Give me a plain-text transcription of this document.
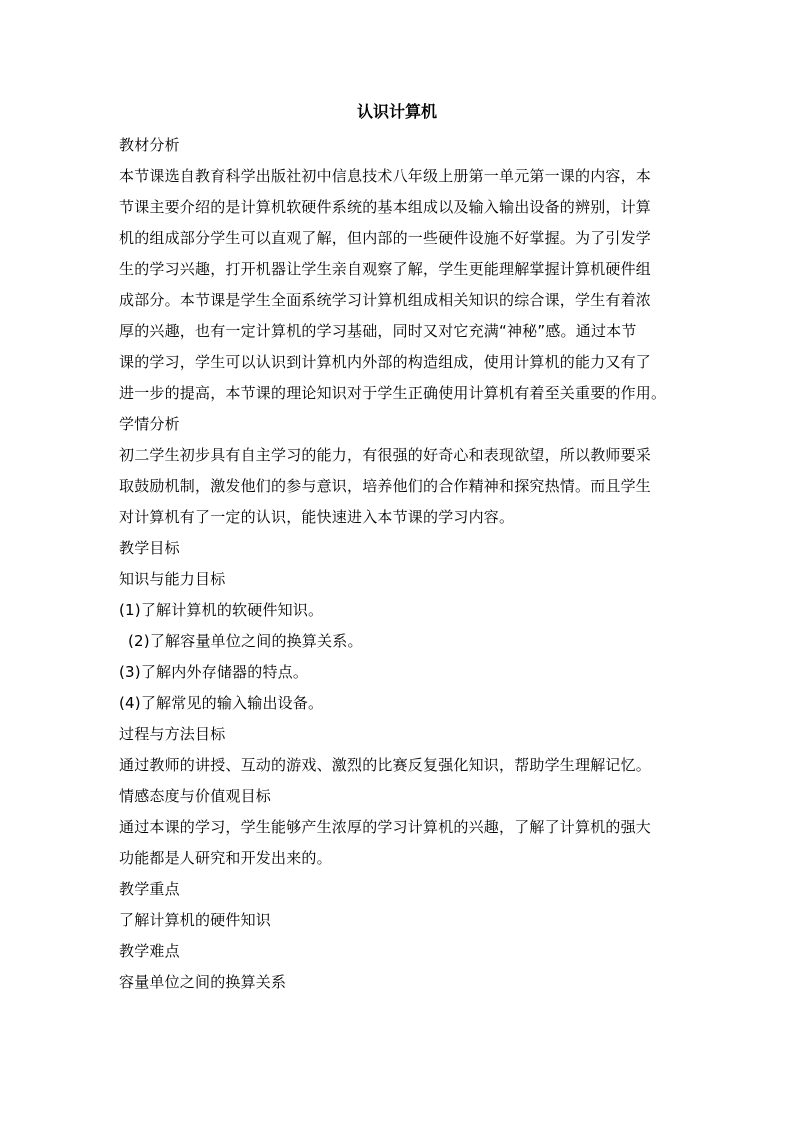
认识计算机
教材分析
本节课选自教育科学出版社初中信息技术八年级上册第一单元第一课的内容，本
节课主要介绍的是计算机软硬件系统的基本组成以及输入输出设备的辨别，计算
机的组成部分学生可以直观了解，但内部的一些硬件设施不好掌握。为了引发学
生的学习兴趣，打开机器让学生亲自观察了解，学生更能理解掌握计算机硬件组
成部分。本节课是学生全面系统学习计算机组成相关知识的综合课，学生有着浓
厚的兴趣，也有一定计算机的学习基础，同时又对它充满“神秘”感。通过本节
课的学习，学生可以认识到计算机内外部的构造组成，使用计算机的能力又有了
进一步的提高，本节课的理论知识对于学生正确使用计算机有着至关重要的作用。
学情分析
初二学生初步具有自主学习的能力，有很强的好奇心和表现欲望，所以教师要采
取鼓励机制，激发他们的参与意识，培养他们的合作精神和探究热情。而且学生
对计算机有了一定的认识，能快速进入本节课的学习内容。
教学目标
知识与能力目标
(1)了解计算机的软硬件知识。
(2)了解容量单位之间的换算关系。
(3)了解内外存储器的特点。
(4)了解常见的输入输出设备。
过程与方法目标
通过教师的讲授、互动的游戏、激烈的比赛反复强化知识，帮助学生理解记忆。
情感态度与价值观目标
通过本课的学习，学生能够产生浓厚的学习计算机的兴趣，了解了计算机的强大
功能都是人研究和开发出来的。
教学重点
了解计算机的硬件知识
教学难点
容量单位之间的换算关系
